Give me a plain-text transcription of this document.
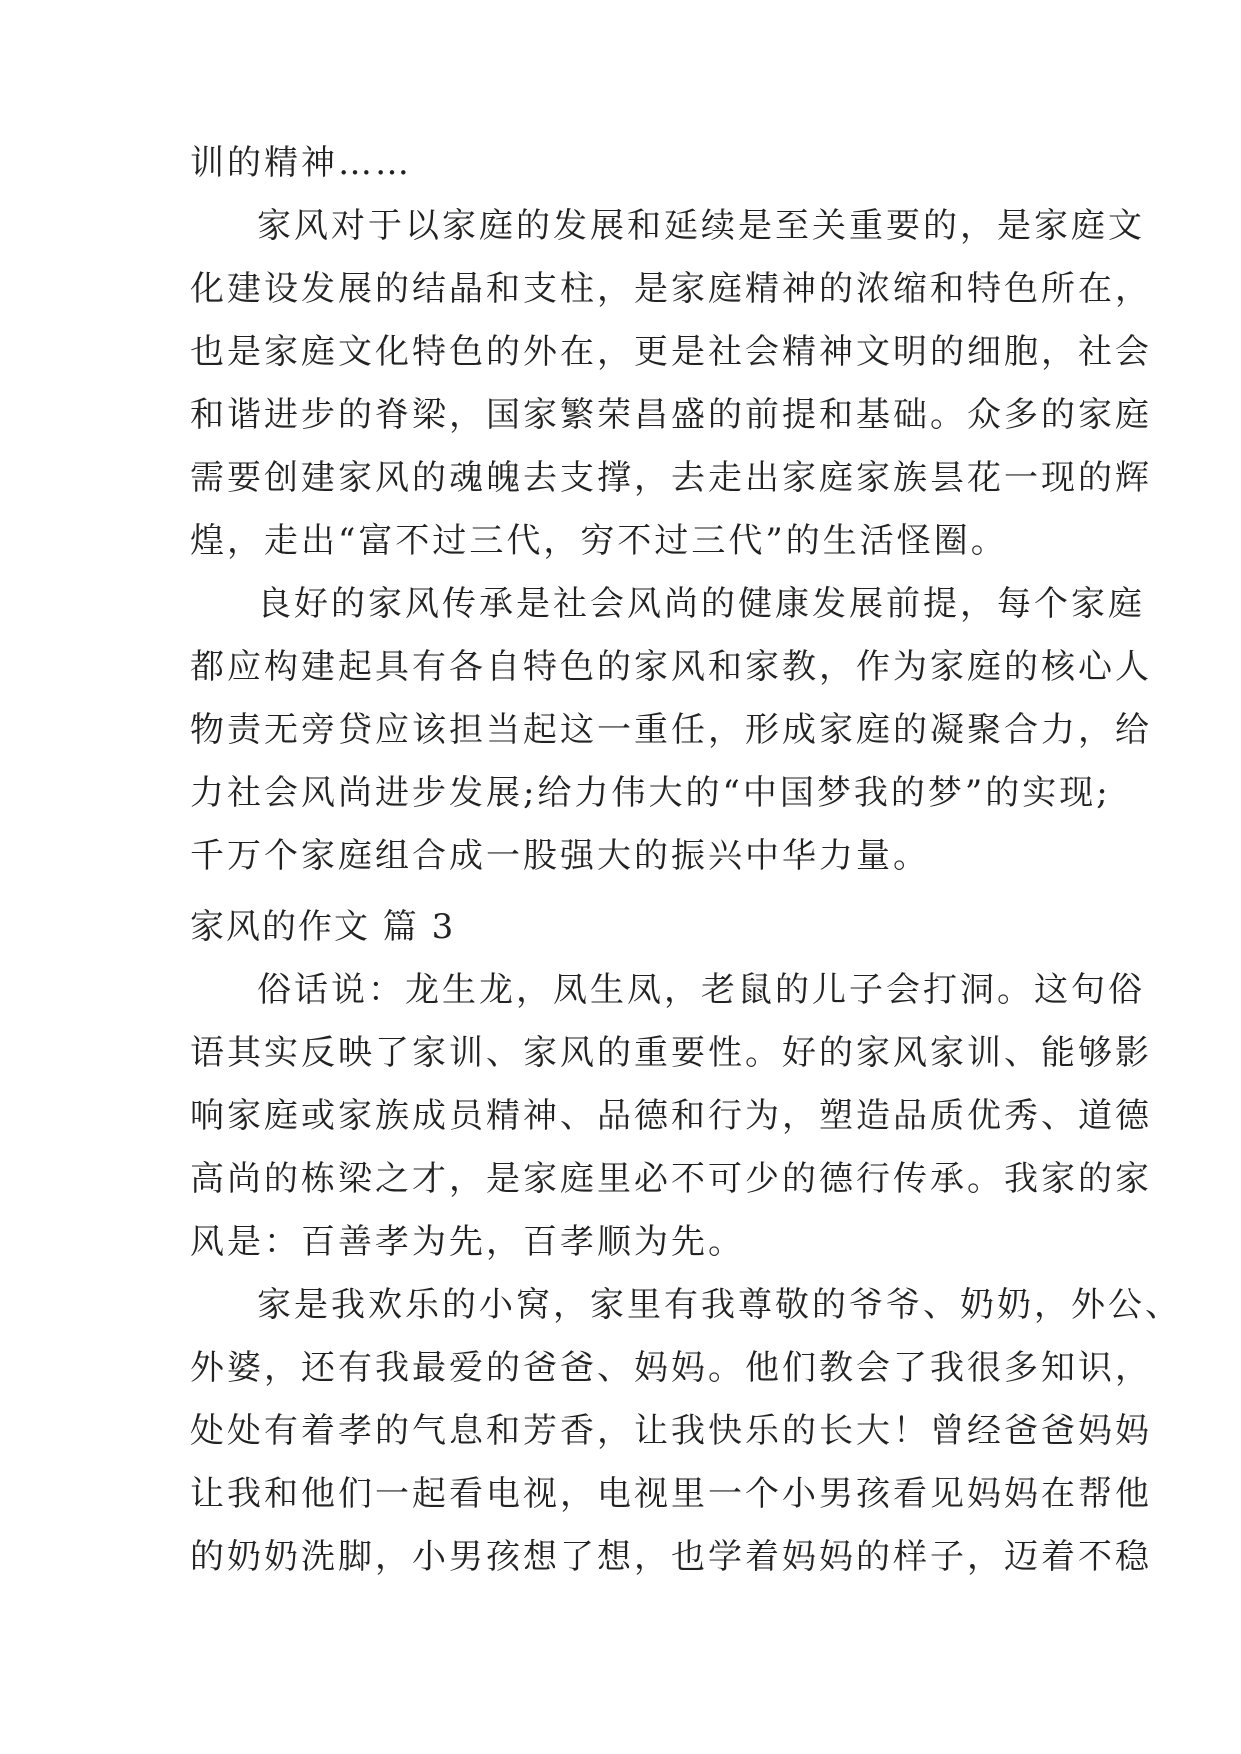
训的精神……
家风对于以家庭的发展和延续是至关重要的，是家庭文
化建设发展的结晶和支柱，是家庭精神的浓缩和特色所在，
也是家庭文化特色的外在，更是社会精神文明的细胞，社会
和谐进步的脊梁，国家繁荣昌盛的前提和基础。众多的家庭
需要创建家风的魂魄去支撑，去走出家庭家族昙花一现的辉
煌，走出“富不过三代，穷不过三代”的生活怪圈。
良好的家风传承是社会风尚的健康发展前提，每个家庭
都应构建起具有各自特色的家风和家教，作为家庭的核心人
物责无旁贷应该担当起这一重任，形成家庭的凝聚合力，给
力社会风尚进步发展;给力伟大的“中国梦我的梦”的实现;
千万个家庭组合成一股强大的振兴中华力量。
家风的作文 篇 3
俗话说：龙生龙，凤生凤，老鼠的儿子会打洞。这句俗
语其实反映了家训、家风的重要性。好的家风家训、能够影
响家庭或家族成员精神、品德和行为，塑造品质优秀、道德
高尚的栋梁之才，是家庭里必不可少的德行传承。我家的家
风是：百善孝为先，百孝顺为先。
家是我欢乐的小窝，家里有我尊敬的爷爷、奶奶，外公、
外婆，还有我最爱的爸爸、妈妈。他们教会了我很多知识，
处处有着孝的气息和芳香，让我快乐的长大！曾经爸爸妈妈
让我和他们一起看电视，电视里一个小男孩看见妈妈在帮他
的奶奶洗脚，小男孩想了想，也学着妈妈的样子，迈着不稳
